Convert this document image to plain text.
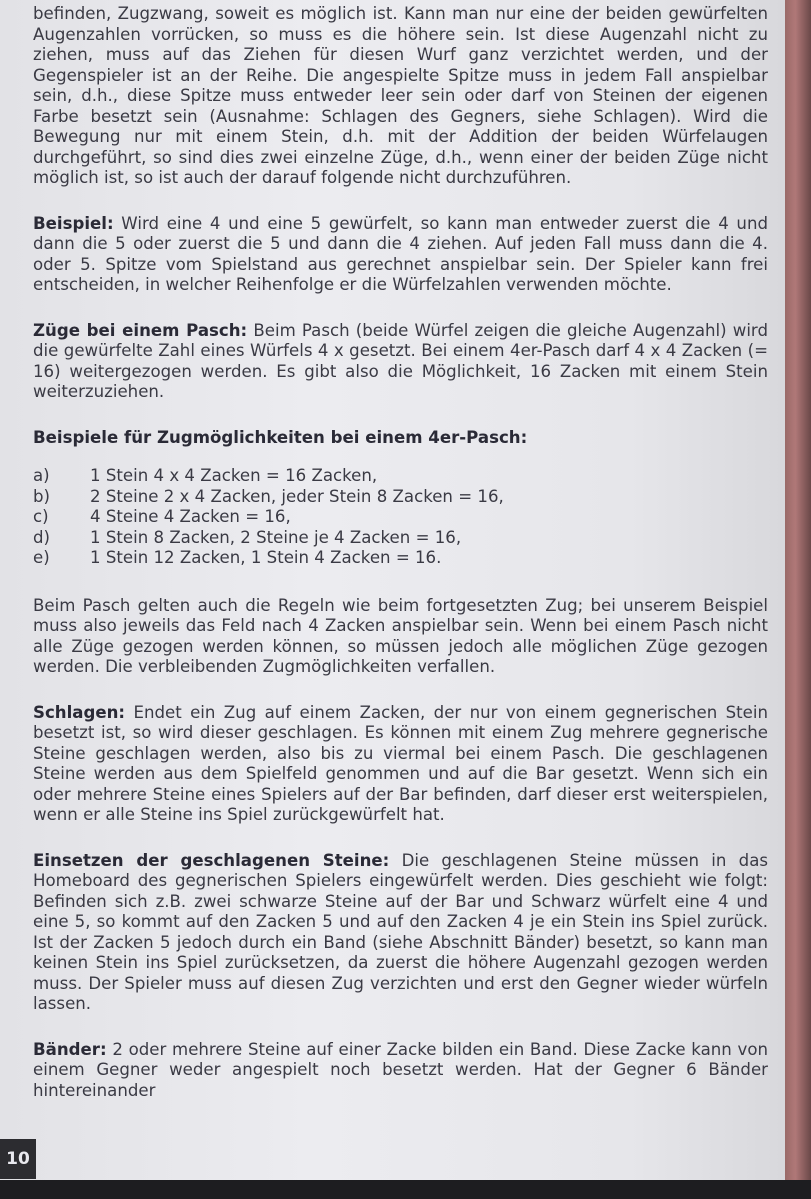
befinden, Zugzwang, soweit es möglich ist. Kann man nur eine der beiden gewürfelten Augenzahlen vorrücken, so muss es die höhere sein. Ist diese Augenzahl nicht zu ziehen, muss auf das Ziehen für diesen Wurf ganz verzichtet werden, und der Gegenspieler ist an der Reihe. Die angespielte Spitze muss in jedem Fall anspielbar sein, d.h., diese Spitze muss entweder leer sein oder darf von Steinen der eigenen Farbe besetzt sein (Ausnahme: Schlagen des Gegners, siehe Schlagen). Wird die Bewegung nur mit einem Stein, d.h. mit der Addition der beiden Würfelaugen durchgeführt, so sind dies zwei einzelne Züge, d.h., wenn einer der beiden Züge nicht möglich ist, so ist auch der darauf folgende nicht durchzuführen.

Beispiel: Wird eine 4 und eine 5 gewürfelt, so kann man entweder zuerst die 4 und dann die 5 oder zuerst die 5 und dann die 4 ziehen. Auf jeden Fall muss dann die 4. oder 5. Spitze vom Spielstand aus gerechnet anspielbar sein. Der Spieler kann frei entscheiden, in welcher Reihenfolge er die Würfelzahlen verwenden möchte.

Züge bei einem Pasch: Beim Pasch (beide Würfel zeigen die gleiche Augenzahl) wird die gewürfelte Zahl eines Würfels 4 x gesetzt. Bei einem 4er-Pasch darf 4 x 4 Zacken (= 16) weitergezogen werden. Es gibt also die Möglichkeit, 16 Zacken mit einem Stein weiterzuziehen.

Beispiele für Zugmöglichkeiten bei einem 4er-Pasch:
a)	1 Stein 4 x 4 Zacken = 16 Zacken,
b)	2 Steine 2 x 4 Zacken, jeder Stein 8 Zacken = 16,
c)	4 Steine 4 Zacken = 16,
d)	1 Stein 8 Zacken, 2 Steine je 4 Zacken = 16,
e)	1 Stein 12 Zacken, 1 Stein 4 Zacken = 16.

Beim Pasch gelten auch die Regeln wie beim fortgesetzten Zug; bei unserem Beispiel muss also jeweils das Feld nach 4 Zacken anspielbar sein. Wenn bei einem Pasch nicht alle Züge gezogen werden können, so müssen jedoch alle möglichen Züge gezogen werden. Die verbleibenden Zugmöglichkeiten verfallen.

Schlagen: Endet ein Zug auf einem Zacken, der nur von einem gegnerischen Stein besetzt ist, so wird dieser geschlagen. Es können mit einem Zug mehrere gegnerische Steine geschlagen werden, also bis zu viermal bei einem Pasch. Die geschlagenen Steine werden aus dem Spielfeld genommen und auf die Bar gesetzt. Wenn sich ein oder mehrere Steine eines Spielers auf der Bar befinden, darf dieser erst weiterspielen, wenn er alle Steine ins Spiel zurückgewürfelt hat.

Einsetzen der geschlagenen Steine: Die geschlagenen Steine müssen in das Homeboard des gegnerischen Spielers eingewürfelt werden. Dies geschieht wie folgt: Befinden sich z.B. zwei schwarze Steine auf der Bar und Schwarz würfelt eine 4 und eine 5, so kommt auf den Zacken 5 und auf den Zacken 4 je ein Stein ins Spiel zurück. Ist der Zacken 5 jedoch durch ein Band (siehe Abschnitt Bänder) besetzt, so kann man keinen Stein ins Spiel zurücksetzen, da zuerst die höhere Augenzahl gezogen werden muss. Der Spieler muss auf diesen Zug verzichten und erst den Gegner wieder würfeln lassen.

Bänder: 2 oder mehrere Steine auf einer Zacke bilden ein Band. Diese Zacke kann von einem Gegner weder angespielt noch besetzt werden. Hat der Gegner 6 Bänder hintereinander

10
